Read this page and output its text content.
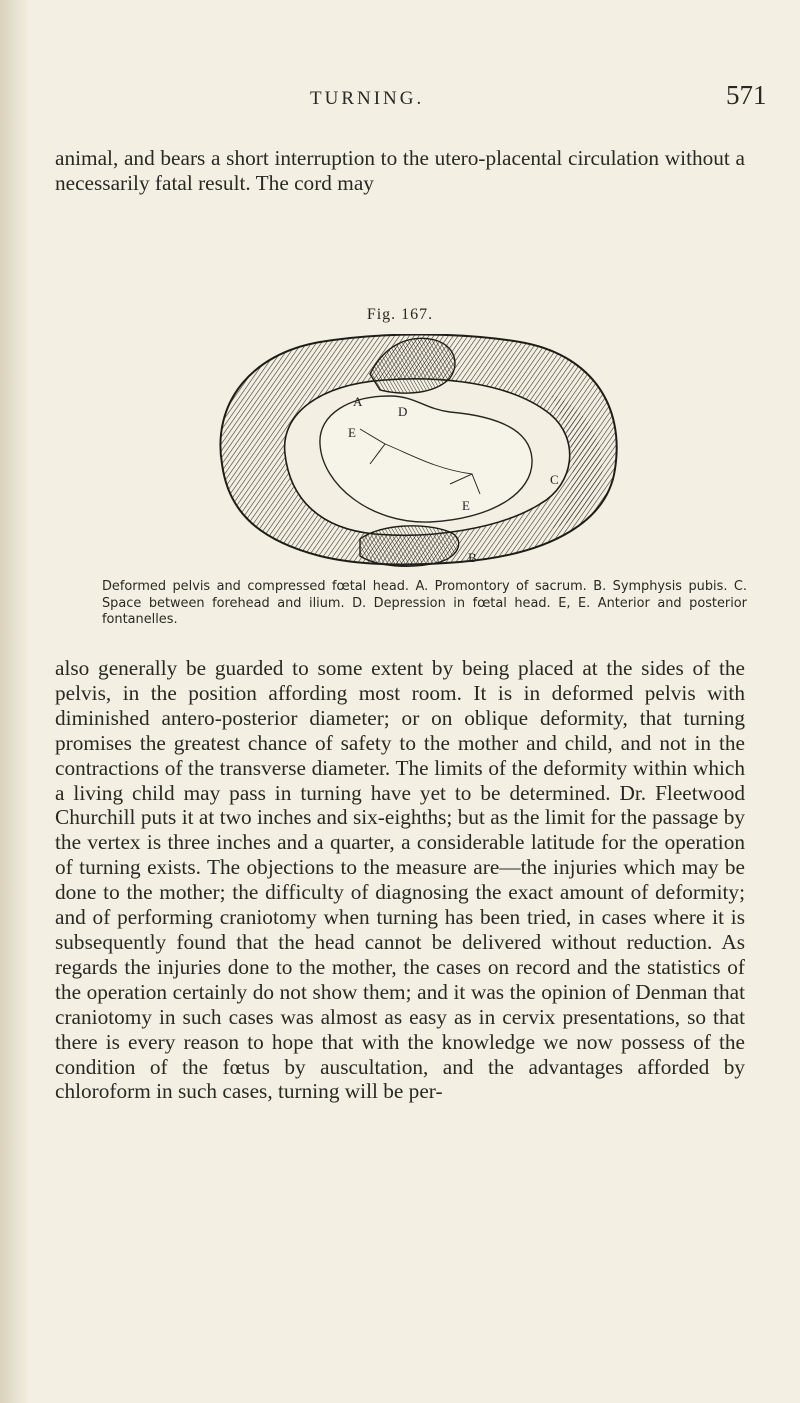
TURNING.	571

animal, and bears a short interruption to the utero-placental circulation without a necessarily fatal result. The cord may

Fig. 167.
A
B
C
D
E
E

Deformed pelvis and compressed fœtal head. A. Promontory of sacrum. B. Symphysis pubis. C. Space between forehead and ilium. D. Depression in fœtal head. E, E. Anterior and posterior fontanelles.

also generally be guarded to some extent by being placed at the sides of the pelvis, in the position affording most room. It is in deformed pelvis with diminished antero-posterior diameter; or on oblique deformity, that turning promises the greatest chance of safety to the mother and child, and not in the contractions of the transverse diameter. The limits of the deformity within which a living child may pass in turning have yet to be determined. Dr. Fleetwood Churchill puts it at two inches and six-eighths; but as the limit for the passage by the vertex is three inches and a quarter, a considerable latitude for the operation of turning exists. The objections to the measure are—the injuries which may be done to the mother; the difficulty of diagnosing the exact amount of deformity; and of performing craniotomy when turning has been tried, in cases where it is subsequently found that the head cannot be delivered without reduction. As regards the injuries done to the mother, the cases on record and the statistics of the operation certainly do not show them; and it was the opinion of Denman that craniotomy in such cases was almost as easy as in cervix presentations, so that there is every reason to hope that with the knowledge we now possess of the condition of the fœtus by auscultation, and the advantages afforded by chloroform in such cases, turning will be per-
